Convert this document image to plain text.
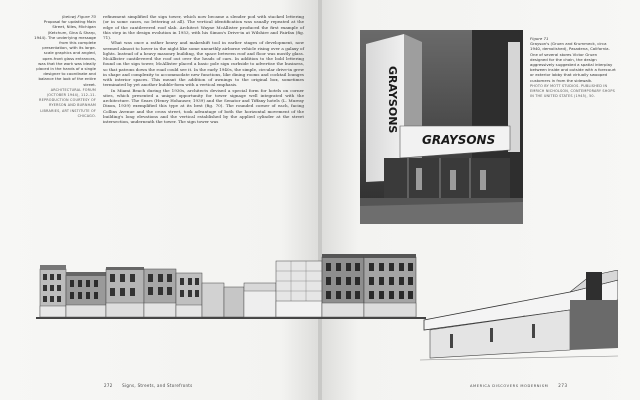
(below) Figure 70
Proposal for updating Main Street, Niles, Michigan (Ketchum, Gina & Sharp, 1944). The underlying message from this complete presentation, with its large-scale graphics and angled, open-front glass entrances, was that the work was ideally placed in the hands of a single designer to coordinate and balance the look of the entire street.
ARCHITECTURAL FORUM (OCTOBER 1944), 112–11. REPRODUCTION COURTESY OF RYERSON AND BURNHAM LIBRARIES, ART INSTITUTE OF CHICAGO.

refinement simplified the sign tower, which now became a slender pod with stacked lettering (or in some cases, no lettering at all). The vertical identification was usually repeated at the edge of the cantilevered roof slab. Architect Wayne McAllister produced the first example of this step in the design evolution in 1953, with his Simon's Drive-in at Wilshire and Fairfax (fig. 71).

What was once a rather heavy and makeshift tool in earlier stages of development, now seemed almost to hover in the night like some unearthly airborne vehicle rising over a galaxy of lights. Instead of a heavy masonry building, the space between roof and floor was mostly glass. McAllister cantilevered the roof out over the heads of cars. In addition to the bold lettering found on the sign tower, McAllister placed a basic pole sign curbside to advertise the business, so that patrons down the road could see it. In the early 1940s, the simple, circular drive-in grew in shape and complexity to accommodate new functions, like dining rooms and cocktail lounges with interior spaces. This meant the addition of awnings to the original box, sometimes terminated by yet another bubble-form with a vertical emphasis.

In Miami Beach during the 1930s, architects devised a special form for hotels on corner sites, which presented a unique opportunity for tower signage well integrated with the architecture. The Sears (Henry Hohauser, 1939) and the Senator and Tiffany hotels (L. Murray Dixon, 1939) exemplified this type at its best (fig. 70). The rounded corner of each, facing Collins Avenue and the cross street, took advantage of both the horizontal movement of the building's long elevations and the vertical established by the applied cylinder at the street intersection, underneath the tower. The sign tower was	GRAYSONS
GRAYSONS
Figure 71
Grayson's (Gruen and Krummeck, circa 1940, demolished), Pasadena, California. One of several stores Victor Gruen designed for the chain, the design aggressively suggested a spatial interplay between inside and outside with a forecourt or exterior lobby that virtually swooped customers in from the sidewalk.
PHOTO BY MOTT STUDIOS. PUBLISHED IN EMRICH NICHOLSON, CONTEMPORARY SHOPS IN THE UNITED STATES (1945), 50.
272 Signs, Streets, and Storefronts	AMERICA DISCOVERS MODERNISM 273
